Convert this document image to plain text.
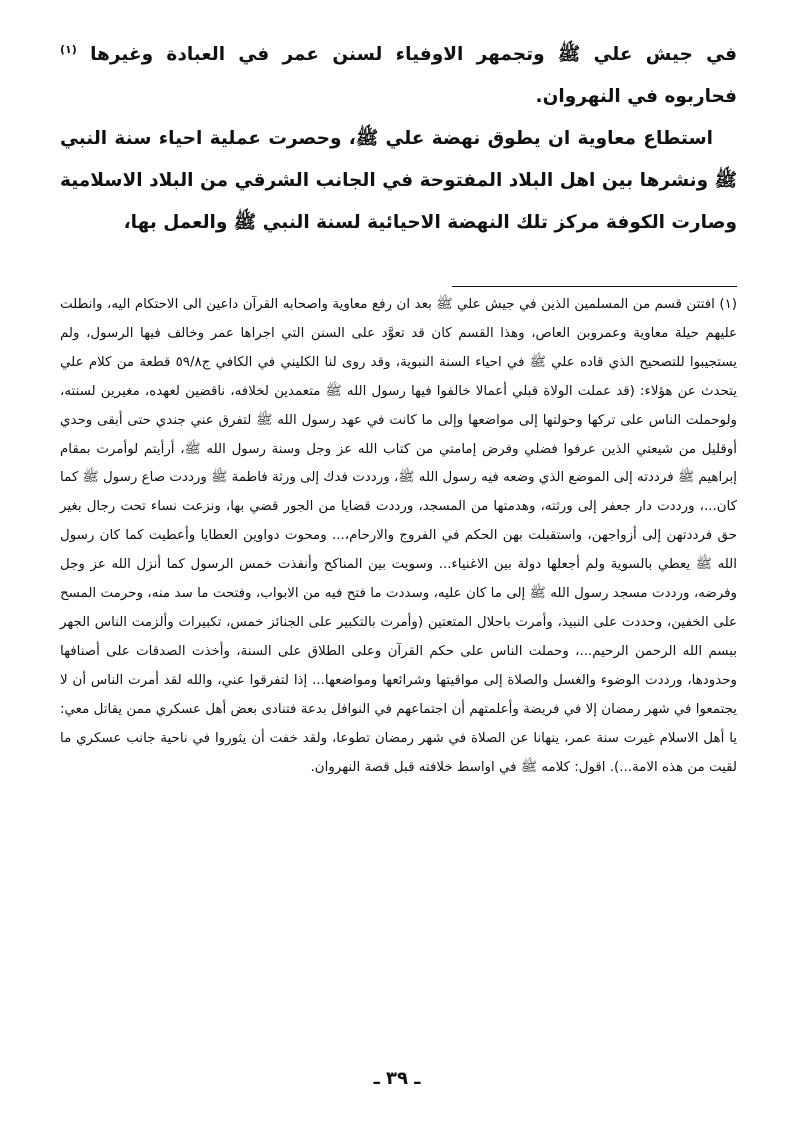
في جيش علي ﷺ وتجمهر الاوفياء لسنن عمر في العبادة وغيرها $^{(١)}$ فحاربوه في النهروان.

استطاع معاوية ان يطوق نهضة علي ﷺ، وحصرت عملية احياء سنة النبي ﷺ ونشرها بين اهل البلاد المفتوحة في الجانب الشرقي من البلاد الاسلامية وصارت الكوفة مركز تلك النهضة الاحيائية لسنة النبي ﷺ والعمل بها،

(١) افتتن قسم من المسلمين الذين في جيش علي ﷺ بعد ان رفع معاوية واصحابه القرآن داعين الى الاحتكام اليه، وانطلت عليهم حيلة معاوية وعمروبن العاص، وهذا القسم كان قد تعوَّد على السنن التي اجراها عمر وخالف فيها الرسول، ولم يستجيبوا للتصحيح الذي قاده علي ﷺ في احياء السنة النبوية، وقد روى لنا الكليني في الكافي ج٥٩/٨ قطعة من كلام علي يتحدث عن هؤلاء: (قد عملت الولاة قبلي أعمالا خالفوا فيها رسول الله ﷺ متعمدين لخلافه، ناقضين لعهده، مغيرين لسنته، ولوحملت الناس على تركها وحولتها إلى مواضعها وإلى ما كانت في عهد رسول الله ﷺ لتفرق عني جندي حتى أبقى وحدي أوقليل من شيعتي الذين عرفوا فضلي وفرض إمامتي من كتاب الله عز وجل وسنة رسول الله ﷺ، أرأيتم لوأمرت بمقام إبراهيم ﷺ فرددته إلى الموضع الذي وضعه فيه رسول الله ﷺ، ورددت فدك إلى ورثة فاطمة ﷺ ورددت صاع رسول ﷺ كما كان...، ورددت دار جعفر إلى ورثته، وهدمتها من المسجد، ورددت قضايا من الجور قضي بها، ونزعت نساء تحت رجال بغير حق فرددتهن إلى أزواجهن، واستقبلت بهن الحكم في الفروج والارحام،... ومحوت دواوين العطايا وأعطيت كما كان رسول الله ﷺ يعطي بالسوية ولم أجعلها دولة بين الاغنياء... وسويت بين المناكح وأنفذت خمس الرسول كما أنزل الله عز وجل وفرضه، ورددت مسجد رسول الله ﷺ إلى ما كان عليه، وسددت ما فتح فيه من الابواب، وفتحت ما سد منه، وحرمت المسح على الخفين، وحددت على النبيذ، وأمرت باحلال المتعتين (وأمرت بالتكبير على الجنائز خمس، تكبيرات وألزمت الناس الجهر ببسم الله الرحمن الرحيم...، وحملت الناس على حكم القرآن وعلى الطلاق على السنة، وأخذت الصدقات على أصنافها وحدودها، ورددت الوضوء والغسل والصلاة إلى مواقيتها وشرائعها ومواضعها... إذا لتفرقوا عني، والله لقد أمرت الناس أن لا يجتمعوا في شهر رمضان إلا في فريضة وأعلمتهم أن اجتماعهم في النوافل بدعة فتنادى بعض أهل عسكري ممن يقاتل معي: يا أهل الاسلام غيرت سنة عمر، ينهانا عن الصلاة في شهر رمضان تطوعا، ولقد خفت أن يثوروا في ناحية جانب عسكري ما لقيت من هذه الامة...). اقول: كلامه ﷺ في اواسط خلافته قبل قصة النهروان.

ـ ٣٩ ـ
